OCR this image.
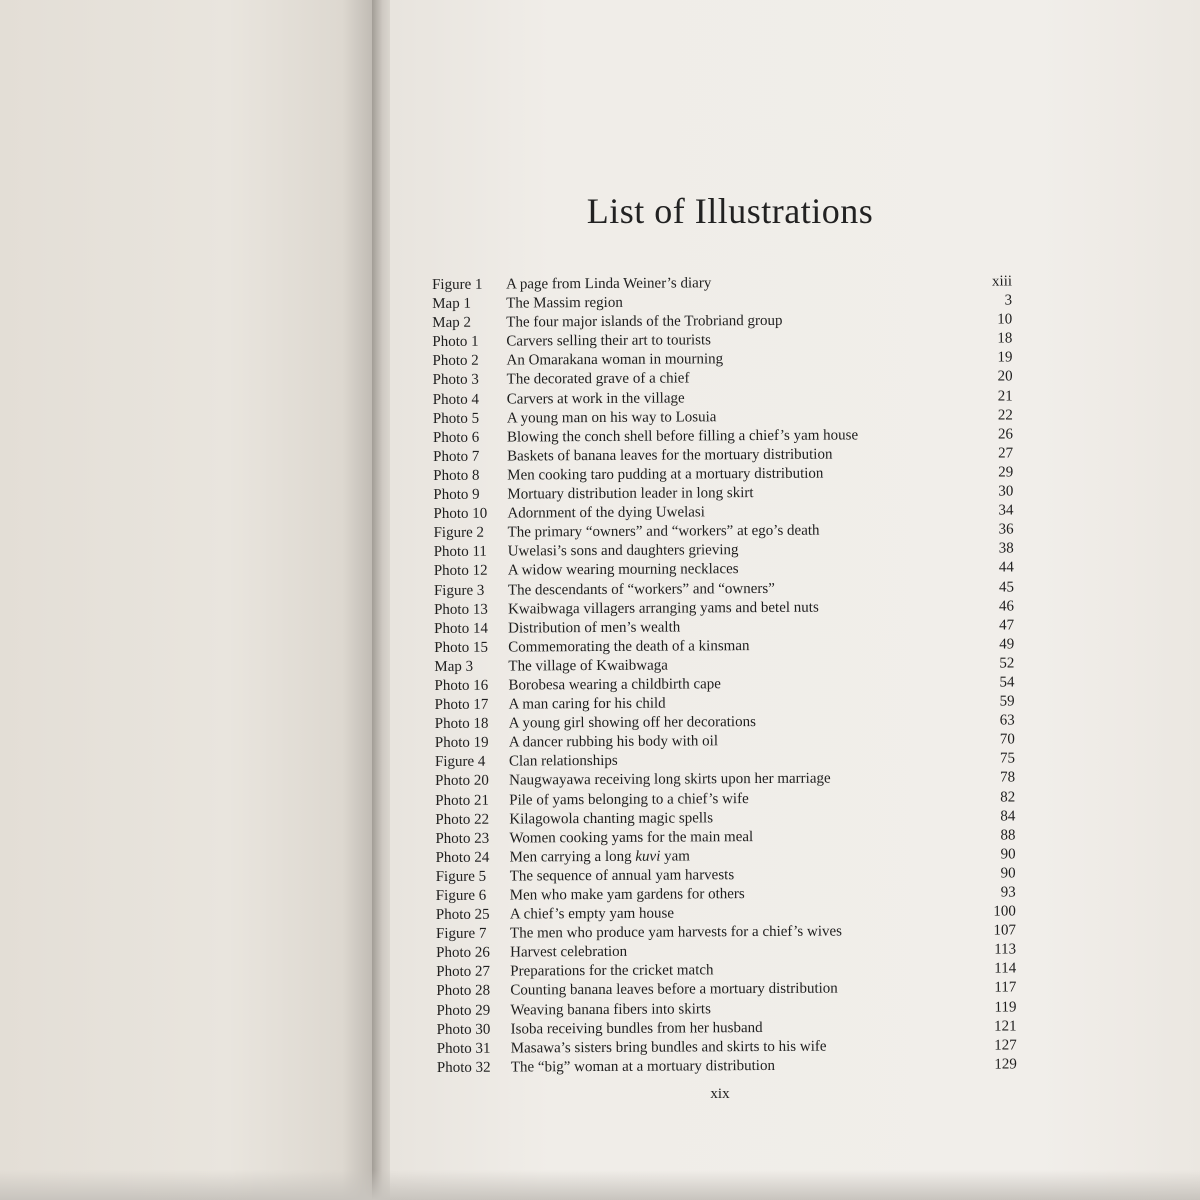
List of Illustrations
Figure 1	A page from Linda Weiner’s diary	xiii
Map 1	The Massim region	3
Map 2	The four major islands of the Trobriand group	10
Photo 1	Carvers selling their art to tourists	18
Photo 2	An Omarakana woman in mourning	19
Photo 3	The decorated grave of a chief	20
Photo 4	Carvers at work in the village	21
Photo 5	A young man on his way to Losuia	22
Photo 6	Blowing the conch shell before filling a chief’s yam house	26
Photo 7	Baskets of banana leaves for the mortuary distribution	27
Photo 8	Men cooking taro pudding at a mortuary distribution	29
Photo 9	Mortuary distribution leader in long skirt	30
Photo 10	Adornment of the dying Uwelasi	34
Figure 2	The primary “owners” and “workers” at ego’s death	36
Photo 11	Uwelasi’s sons and daughters grieving	38
Photo 12	A widow wearing mourning necklaces	44
Figure 3	The descendants of “workers” and “owners”	45
Photo 13	Kwaibwaga villagers arranging yams and betel nuts	46
Photo 14	Distribution of men’s wealth	47
Photo 15	Commemorating the death of a kinsman	49
Map 3	The village of Kwaibwaga	52
Photo 16	Borobesa wearing a childbirth cape	54
Photo 17	A man caring for his child	59
Photo 18	A young girl showing off her decorations	63
Photo 19	A dancer rubbing his body with oil	70
Figure 4	Clan relationships	75
Photo 20	Naugwayawa receiving long skirts upon her marriage	78
Photo 21	Pile of yams belonging to a chief’s wife	82
Photo 22	Kilagowola chanting magic spells	84
Photo 23	Women cooking yams for the main meal	88
Photo 24	Men carrying a long kuvi yam	90
Figure 5	The sequence of annual yam harvests	90
Figure 6	Men who make yam gardens for others	93
Photo 25	A chief’s empty yam house	100
Figure 7	The men who produce yam harvests for a chief’s wives	107
Photo 26	Harvest celebration	113
Photo 27	Preparations for the cricket match	114
Photo 28	Counting banana leaves before a mortuary distribution	117
Photo 29	Weaving banana fibers into skirts	119
Photo 30	Isoba receiving bundles from her husband	121
Photo 31	Masawa’s sisters bring bundles and skirts to his wife	127
Photo 32	The “big” woman at a mortuary distribution	129
xix
